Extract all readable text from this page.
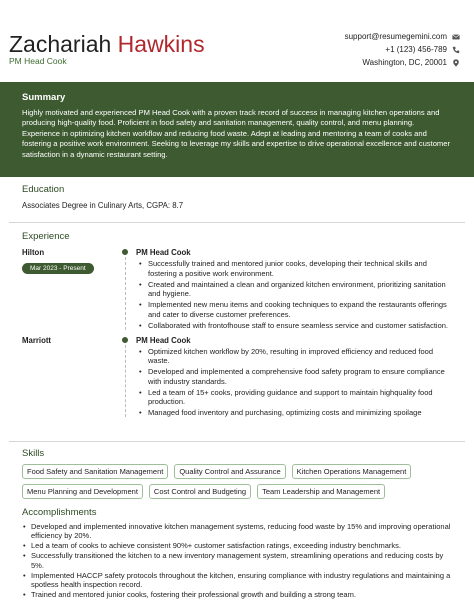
Zachariah Hawkins
PM Head Cook
support@resumegemini.com
+1 (123) 456-789
Washington, DC, 20001
Summary

Highly motivated and experienced PM Head Cook with a proven track record of success in managing kitchen operations and producing high-quality food. Proficient in food safety and sanitation management, quality control, and menu planning. Experience in optimizing kitchen workflow and reducing food waste. Adept at leading and mentoring a team of cooks and fostering a positive work environment. Seeking to leverage my skills and expertise to drive operational excellence and customer satisfaction in a dynamic restaurant setting.

Education
Associates Degree in Culinary Arts, CGPA: 8.7
Experience
Hilton
Mar 2023 - Present
PM Head Cook
• Successfully trained and mentored junior cooks, developing their technical skills and fostering a positive work environment.
• Created and maintained a clean and organized kitchen environment, prioritizing sanitation and hygiene.
• Implemented new menu items and cooking techniques to expand the restaurants offerings and cater to diverse customer preferences.
• Collaborated with frontofhouse staff to ensure seamless service and customer satisfaction.
Marriott	PM Head Cook
• Optimized kitchen workflow by 20%, resulting in improved efficiency and reduced food waste.
• Developed and implemented a comprehensive food safety program to ensure compliance with industry standards.
• Led a team of 15+ cooks, providing guidance and support to maintain highquality food production.
• Managed food inventory and purchasing, optimizing costs and minimizing spoilage
Skills
Food Safety and Sanitation Management	Quality Control and Assurance	Kitchen Operations Management
Menu Planning and Development	Cost Control and Budgeting	Team Leadership and Management
Accomplishments
• Developed and implemented innovative kitchen management systems, reducing food waste by 15% and improving operational efficiency by 20%.
• Led a team of cooks to achieve consistent 90%+ customer satisfaction ratings, exceeding industry benchmarks.
• Successfully transitioned the kitchen to a new inventory management system, streamlining operations and reducing costs by 5%.
• Implemented HACCP safety protocols throughout the kitchen, ensuring compliance with industry regulations and maintaining a spotless health inspection record.
• Trained and mentored junior cooks, fostering their professional growth and building a strong team.
